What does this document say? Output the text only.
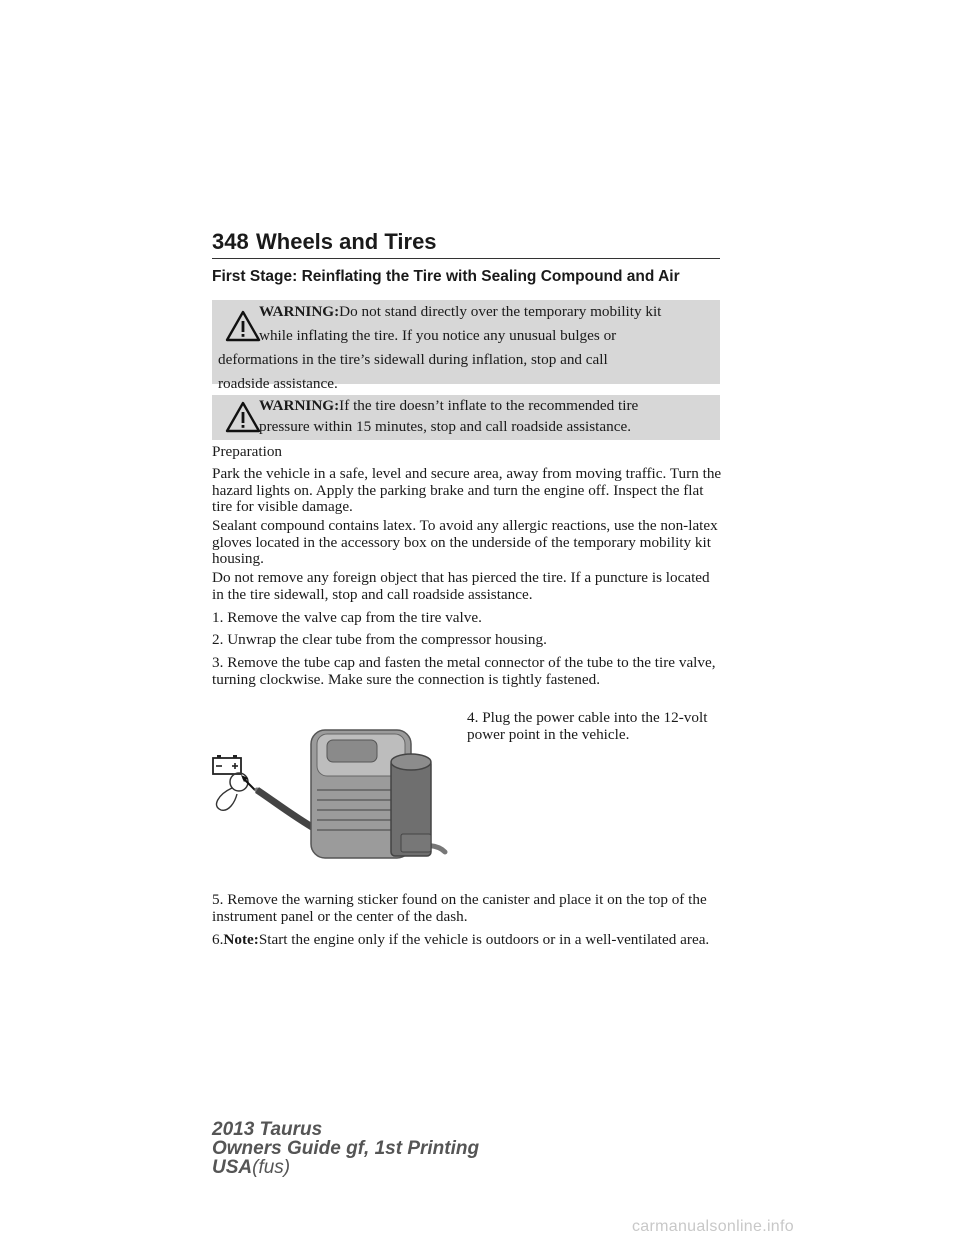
348 Wheels and Tires
First Stage: Reinflating the Tire with Sealing Compound and Air

WARNING:Do not stand directly over the temporary mobility kit

while inflating the tire. If you notice any unusual bulges or

deformations in the tire’s sidewall during inflation, stop and call

roadside assistance.

WARNING:If the tire doesn’t inflate to the recommended tire

pressure within 15 minutes, stop and call roadside assistance.

Preparation

Park the vehicle in a safe, level and secure area, away from moving traffic. Turn the hazard lights on. Apply the parking brake and turn the engine off. Inspect the flat tire for visible damage.

Sealant compound contains latex. To avoid any allergic reactions, use the non-latex gloves located in the accessory box on the underside of the temporary mobility kit housing.

Do not remove any foreign object that has pierced the tire. If a puncture is located in the tire sidewall, stop and call roadside assistance.

1. Remove the valve cap from the tire valve.

2. Unwrap the clear tube from the compressor housing.

3. Remove the tube cap and fasten the metal connector of the tube to the tire valve, turning clockwise. Make sure the connection is tightly fastened.

4. Plug the power cable into the 12-volt power point in the vehicle.

5. Remove the warning sticker found on the canister and place it on the top of the instrument panel or the center of the dash.

6.Note:Start the engine only if the vehicle is outdoors or in a well-ventilated area.

2013 Taurus
Owners Guide gf, 1st Printing
USA(fus)
carmanualsonline.info
